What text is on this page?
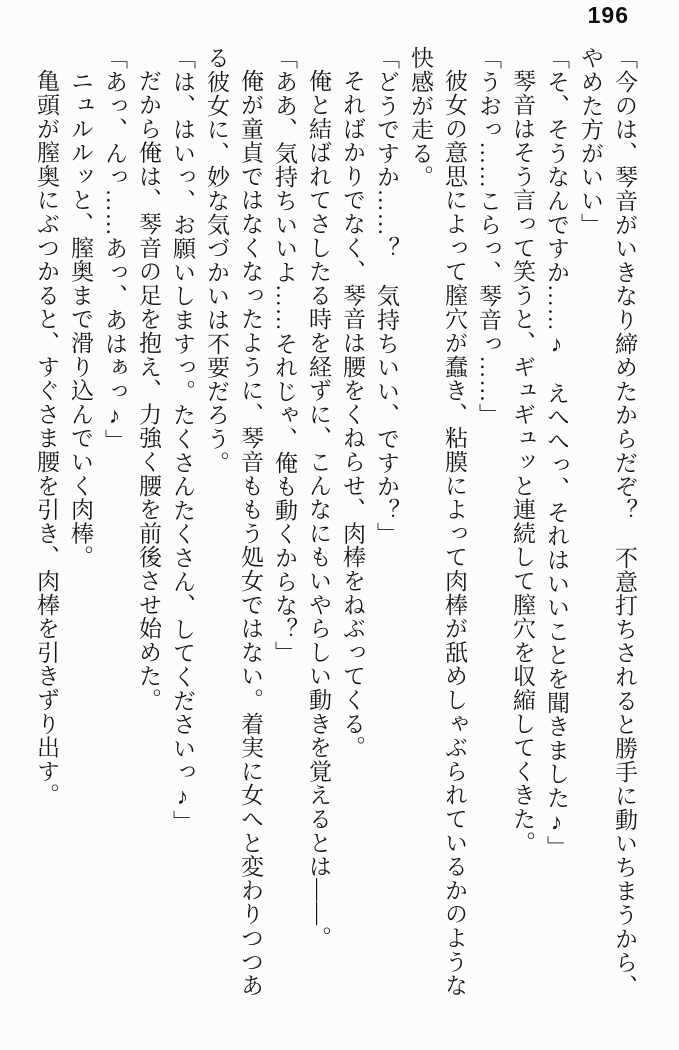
196

「今のは、琴音がいきなり締めたからだぞ？　不意打ちされると勝手に動いちまうから、やめた方がいい」

「そ、そうなんですか……♪　えへへっ、それはいいことを聞きました♪」

琴音はそう言って笑うと、ギュギュッと連続して膣穴を収縮してくきた。

「うおっ……こらっ、琴音っ……」

彼女の意思によって膣穴が蠢き、粘膜によって肉棒が舐めしゃぶられているかのような快感が走る。

「どうですか……？　気持ちいい、ですか？」

そればかりでなく、琴音は腰をくねらせ、肉棒をねぶってくる。

俺と結ばれてさしたる時を経ずに、こんなにもいやらしい動きを覚えるとは――。

「ああ、気持ちいいよ……それじゃ、俺も動くからな？」

俺が童貞ではなくなったように、琴音ももう処女ではない。着実に女へと変わりつつある彼女に、妙な気づかいは不要だろう。

「は、はいっ、お願いしますっ。たくさんたくさん、してくださいっ♪」

だから俺は、琴音の足を抱え、力強く腰を前後させ始めた。

「あっ、んっ……あっ、あはぁっ♪」

ニュルルッと、膣奥まで滑り込んでいく肉棒。

亀頭が膣奥にぶつかると、すぐさま腰を引き、肉棒を引きずり出す。
